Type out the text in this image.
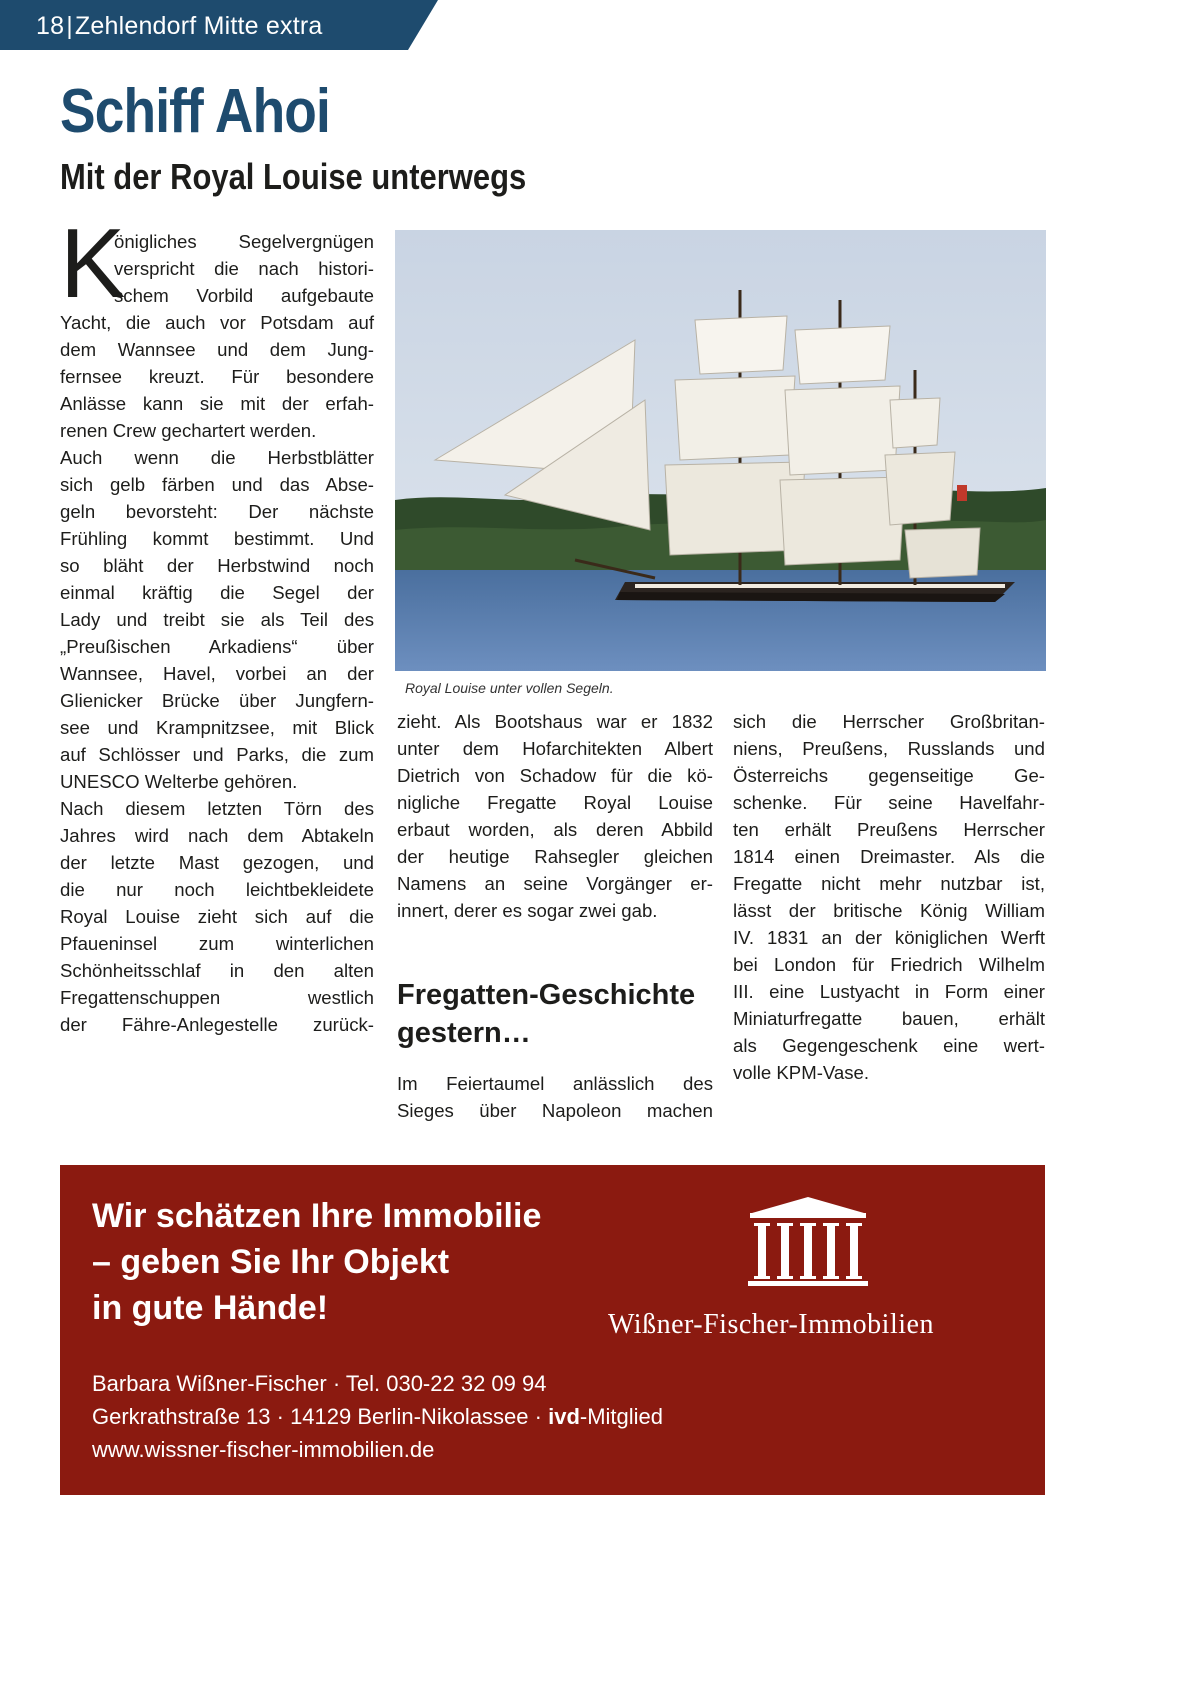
18|Zehlendorf Mitte extra
Schiff Ahoi
Mit der Royal Louise unterwegs
K
önigliches Segelvergnügen
verspricht die nach histori-
schem Vorbild aufgebaute
Yacht, die auch vor Potsdam auf
dem Wannsee und dem Jung-
fernsee kreuzt. Für besondere
Anlässe kann sie mit der erfah-
renen Crew gechartert werden.
Auch wenn die Herbstblätter
sich gelb färben und das Abse-
geln bevorsteht: Der nächste
Frühling kommt bestimmt. Und
so bläht der Herbstwind noch
einmal kräftig die Segel der
Lady und treibt sie als Teil des
„Preußischen Arkadiens“ über
Wannsee, Havel, vorbei an der
Glienicker Brücke über Jungfern-
see und Krampnitzsee, mit Blick
auf Schlösser und Parks, die zum
UNESCO Welterbe gehören.
Nach diesem letzten Törn des
Jahres wird nach dem Abtakeln
der letzte Mast gezogen, und
die nur noch leichtbekleidete
Royal Louise zieht sich auf die
Pfaueninsel zum winterlichen
Schönheitsschlaf in den alten
Fregattenschuppen westlich
der Fähre-Anlegestelle zurück-
Royal Louise unter vollen Segeln.
zieht. Als Bootshaus war er 1832
unter dem Hofarchitekten Albert
Dietrich von Schadow für die kö-
nigliche Fregatte Royal Louise
erbaut worden, als deren Abbild
der heutige Rahsegler gleichen
Namens an seine Vorgänger er-
innert, derer es sogar zwei gab.
Fregatten-Geschichte gestern…
Im Feiertaumel anlässlich des
Sieges über Napoleon machen
sich die Herrscher Großbritan-
niens, Preußens, Russlands und
Österreichs gegenseitige Ge-
schenke. Für seine Havelfahr-
ten erhält Preußens Herrscher
1814 einen Dreimaster. Als die
Fregatte nicht mehr nutzbar ist,
lässt der britische König William
IV. 1831 an der königlichen Werft
bei London für Friedrich Wilhelm
III. eine Lustyacht in Form einer
Miniaturfregatte bauen, erhält
als Gegengeschenk eine wert-
volle KPM-Vase.
Wir schätzen Ihre Immobilie
– geben Sie Ihr Objekt
in gute Hände!	Wißner-Fischer-Immobilien
Barbara Wißner-Fischer · Tel. 030-22 32 09 94
Gerkrathstraße 13 · 14129 Berlin-Nikolassee · ivd-Mitglied
www.wissner-fischer-immobilien.de
